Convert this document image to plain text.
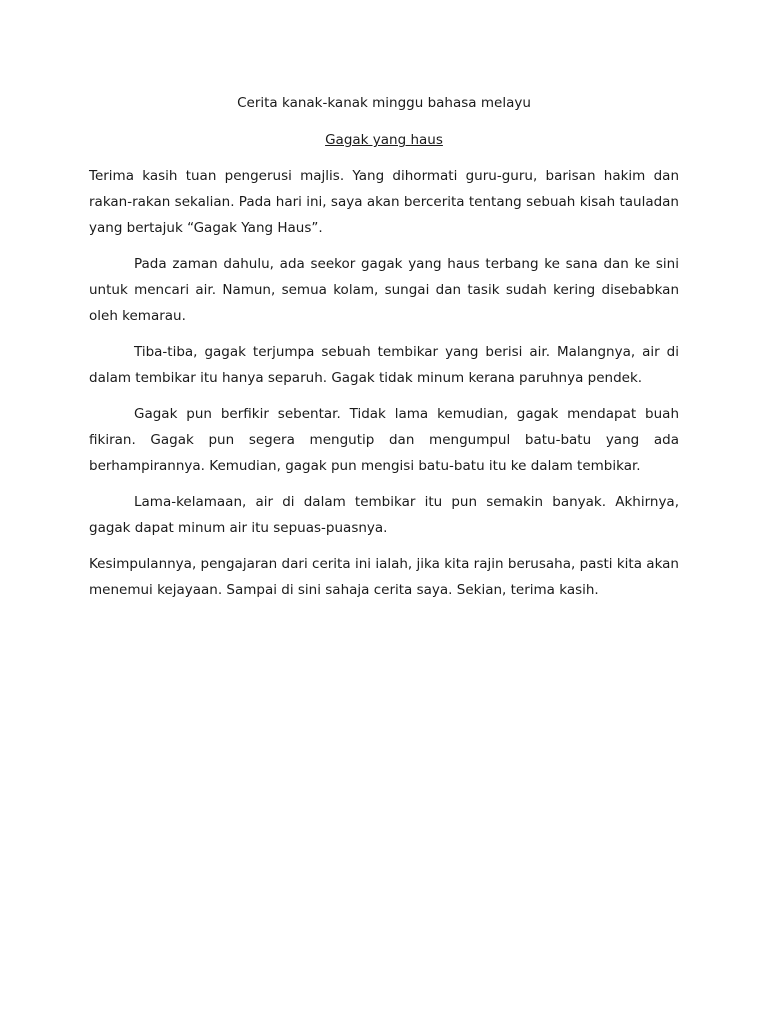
Cerita kanak-kanak minggu bahasa melayu
Gagak yang haus

Terima kasih tuan pengerusi majlis. Yang dihormati guru-guru, barisan hakim dan rakan-rakan sekalian. Pada hari ini, saya akan bercerita tentang sebuah kisah tauladan yang bertajuk “Gagak Yang Haus”.

Pada zaman dahulu, ada seekor gagak yang haus terbang ke sana dan ke sini untuk mencari air. Namun, semua kolam, sungai dan tasik sudah kering disebabkan oleh kemarau.

Tiba-tiba, gagak terjumpa sebuah tembikar yang berisi air. Malangnya, air di dalam tembikar itu hanya separuh. Gagak tidak minum kerana paruhnya pendek.

Gagak pun berfikir sebentar. Tidak lama kemudian, gagak mendapat buah fikiran. Gagak pun segera mengutip dan mengumpul batu-batu yang ada berhampirannya. Kemudian, gagak pun mengisi batu-batu itu ke dalam tembikar.

Lama-kelamaan, air di dalam tembikar itu pun semakin banyak. Akhirnya, gagak dapat minum air itu sepuas-puasnya.

Kesimpulannya, pengajaran dari cerita ini ialah, jika kita rajin berusaha, pasti kita akan menemui kejayaan. Sampai di sini sahaja cerita saya. Sekian, terima kasih.
